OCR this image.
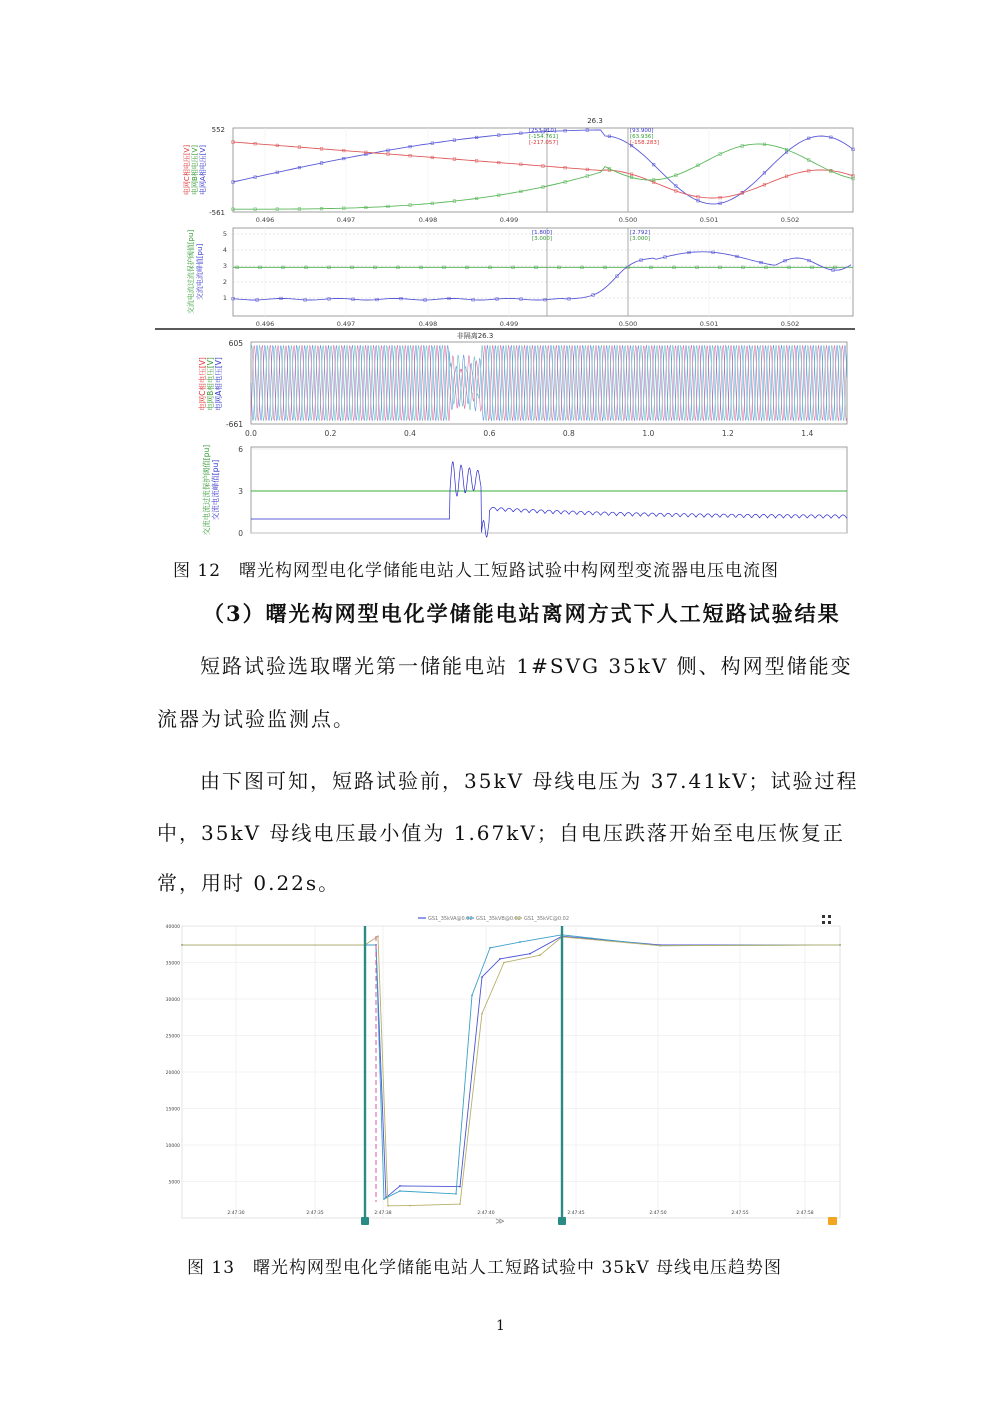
26.3
552
-561
电网C相电压[V] 电网B相电压[V] 电网A相电压[V]
0.496	0.497	0.498	0.499	0.500	0.501	0.502
[253.910]
[-154.761]
[-217.057]
[93.900]
[63.936]
[-158.283]
5
4
3
2
1
交流电流过流保护阈值[pu] 交流电流峰值[pu]
0.496	0.497	0.498	0.499	0.500	0.501	0.502
[1.800]
[3.000]
[2.792]
[3.000]
非隔离26.3
605
-661
电网C相电压[V] 电网B相电压[V] 电网A相电压[V]
0.0	0.2	0.4	0.6	0.8	1.0	1.2	1.4
6
3
0
交流电流过流保护阈值[pu] 交流电流峰值[pu]
图 12　曙光构网型电化学储能电站人工短路试验中构网型变流器电压电流图
（3）曙光构网型电化学储能电站离网方式下人工短路试验结果
短路试验选取曙光第一储能电站 1#SVG 35kV 侧、构网型储能变
流器为试验监测点。
由下图可知，短路试验前，35kV 母线电压为 37.41kV；试验过程
中，35kV 母线电压最小值为 1.67kV；自电压跌落开始至电压恢复正
常，用时 0.22s。
GS1_35kVA@0.02 GS1_35kVB@0.02 GS1_35kVC@0.02
40000
35000
30000
25000
20000
15000
10000
5000
2:47:30	2:47:35	2:47:38	2:47:40	2:47:45	2:47:50	2:47:55	2:47:58
≫
图 13　曙光构网型电化学储能电站人工短路试验中 35kV 母线电压趋势图
1
